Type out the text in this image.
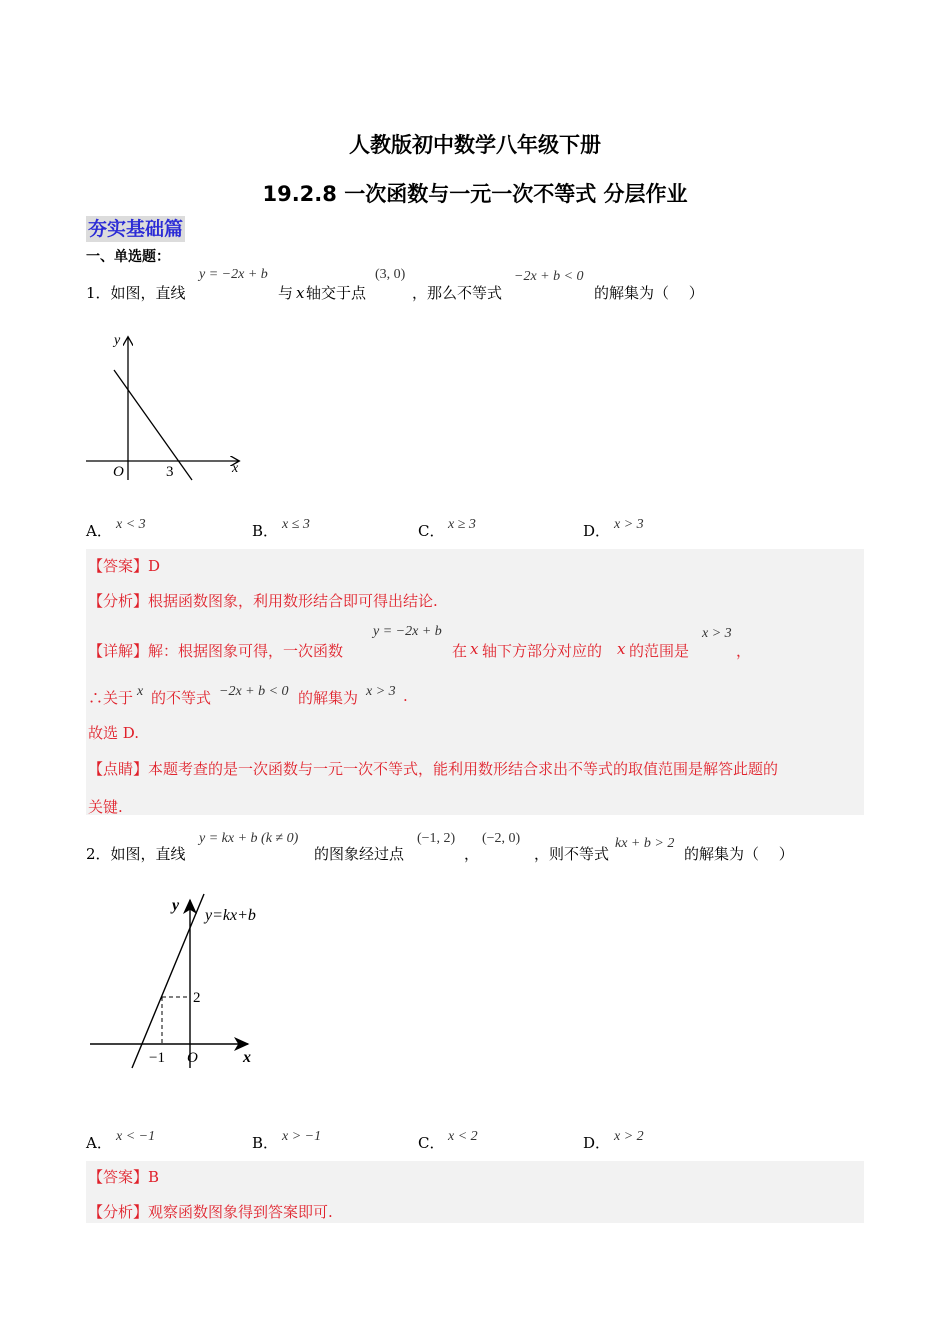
人教版初中数学八年级下册
19.2.8 一次函数与一元一次不等式 分层作业
夯实基础篇
一、单选题：
1．如图，直线
y = −2x + b
与 x 轴交于点
(3, 0)
，那么不等式
−2x + b < 0
的解集为（　 ）
y
x
O	3
A． x < 3	B． x ≤ 3	C． x ≥ 3	D． x > 3
【答案】D
【分析】根据函数图象，利用数形结合即可得出结论.
【详解】解：根据图象可得，一次函数
y = −2x + b
在 x 轴下方部分对应的 x 的范围是
x > 3
，
∴关于 x 的不等式 −2x + b < 0 的解集为 x > 3 .
故选 D.
【点睛】本题考查的是一次函数与一元一次不等式，能利用数形结合求出不等式的取值范围是解答此题的
关键.
2．如图，直线
y = kx + b (k ≠ 0)
的图象经过点
(−1, 2)
，
(−2, 0)
，则不等式
kx + b > 2
的解集为（　 ）
y
y=kx+b
2
−1 O	x
A． x < −1	B． x > −1	C． x < 2	D． x > 2
【答案】B
【分析】观察函数图象得到答案即可.
